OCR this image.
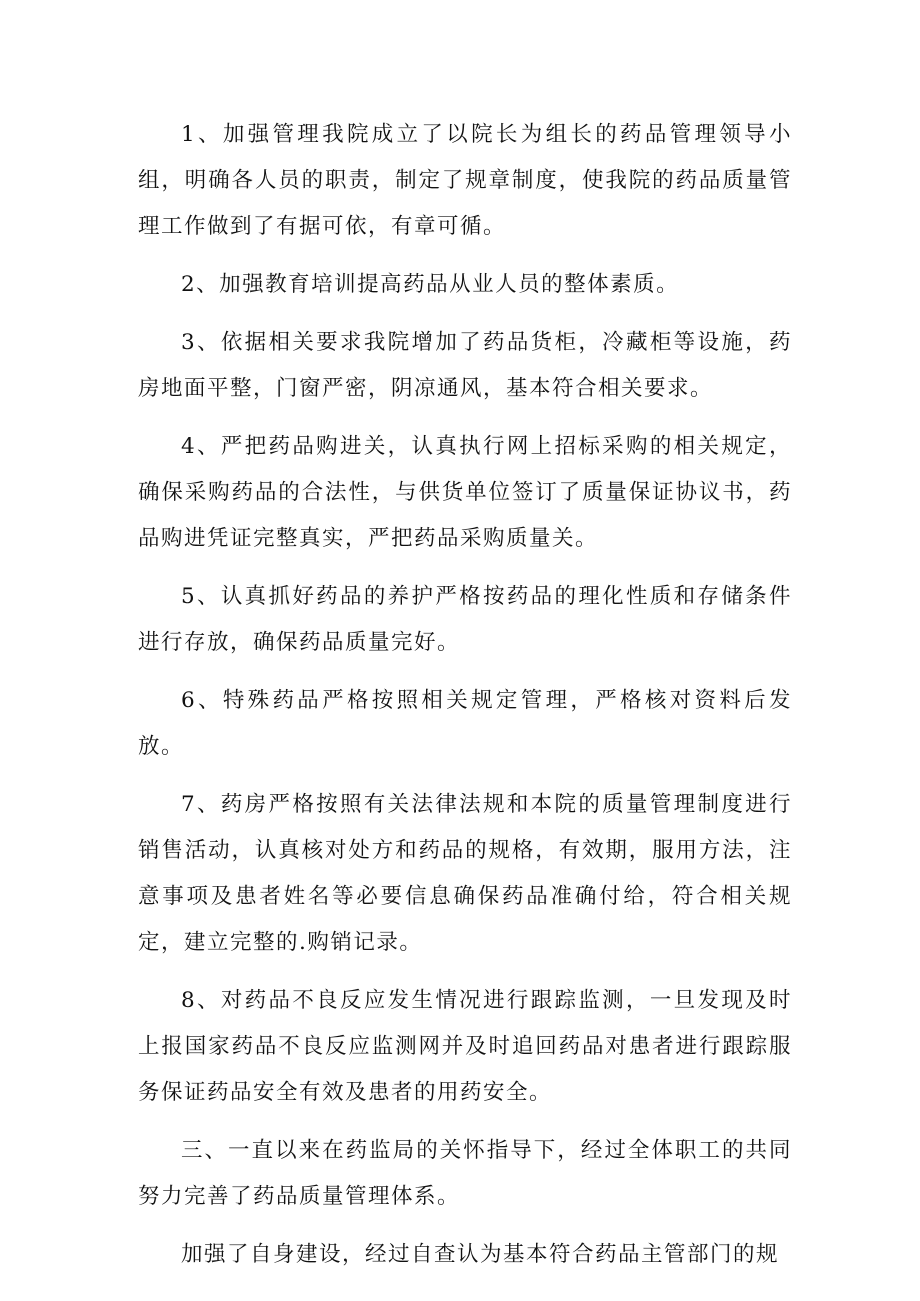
1、加强管理我院成立了以院长为组长的药品管理领导小组，明确各人员的职责，制定了规章制度，使我院的药品质量管理工作做到了有据可依，有章可循。

2、加强教育培训提高药品从业人员的整体素质。

3、依据相关要求我院增加了药品货柜，冷藏柜等设施，药房地面平整，门窗严密，阴凉通风，基本符合相关要求。

4、严把药品购进关，认真执行网上招标采购的相关规定，确保采购药品的合法性，与供货单位签订了质量保证协议书，药品购进凭证完整真实，严把药品采购质量关。

5、认真抓好药品的养护严格按药品的理化性质和存储条件进行存放，确保药品质量完好。

6、特殊药品严格按照相关规定管理，严格核对资料后发放。

7、药房严格按照有关法律法规和本院的质量管理制度进行销售活动，认真核对处方和药品的规格，有效期，服用方法，注意事项及患者姓名等必要信息确保药品准确付给，符合相关规定，建立完整的.购销记录。

8、对药品不良反应发生情况进行跟踪监测，一旦发现及时上报国家药品不良反应监测网并及时追回药品对患者进行跟踪服务保证药品安全有效及患者的用药安全。

三、一直以来在药监局的关怀指导下，经过全体职工的共同努力完善了药品质量管理体系。

加强了自身建设，经过自查认为基本符合药品主管部门的规
